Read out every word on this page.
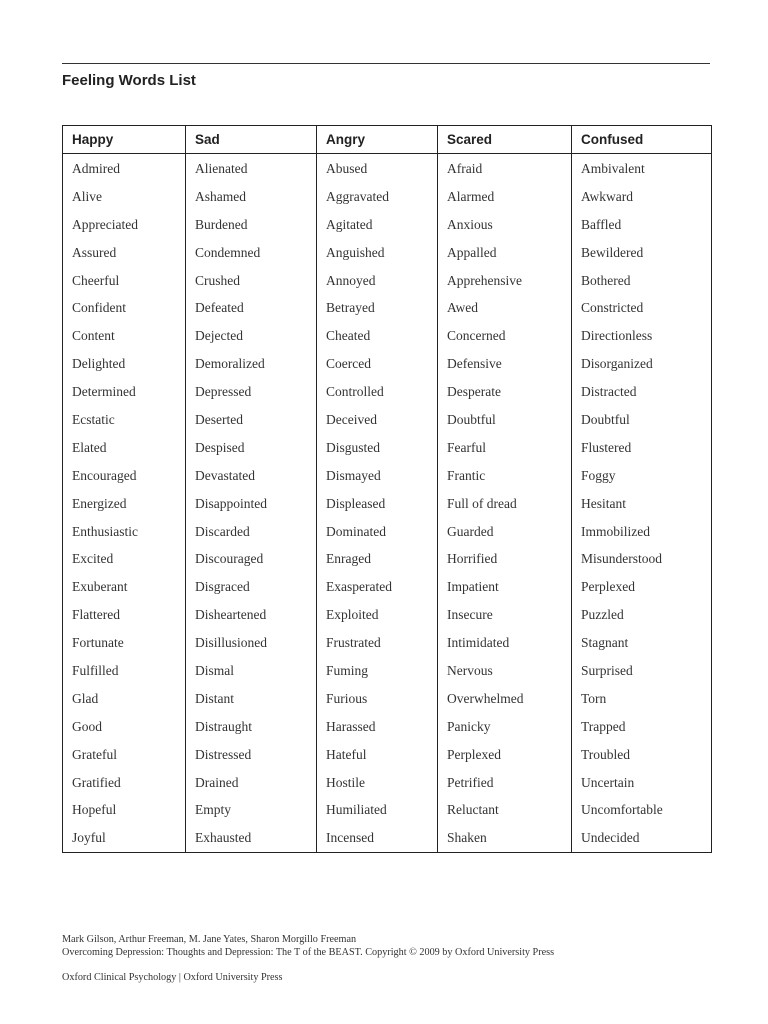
Feeling Words List
Happy	Sad	Angry	Scared	Confused
Admired	Alienated	Abused	Afraid	Ambivalent
Alive	Ashamed	Aggravated	Alarmed	Awkward
Appreciated	Burdened	Agitated	Anxious	Baffled
Assured	Condemned	Anguished	Appalled	Bewildered
Cheerful	Crushed	Annoyed	Apprehensive	Bothered
Confident	Defeated	Betrayed	Awed	Constricted
Content	Dejected	Cheated	Concerned	Directionless
Delighted	Demoralized	Coerced	Defensive	Disorganized
Determined	Depressed	Controlled	Desperate	Distracted
Ecstatic	Deserted	Deceived	Doubtful	Doubtful
Elated	Despised	Disgusted	Fearful	Flustered
Encouraged	Devastated	Dismayed	Frantic	Foggy
Energized	Disappointed	Displeased	Full of dread	Hesitant
Enthusiastic	Discarded	Dominated	Guarded	Immobilized
Excited	Discouraged	Enraged	Horrified	Misunderstood
Exuberant	Disgraced	Exasperated	Impatient	Perplexed
Flattered	Disheartened	Exploited	Insecure	Puzzled
Fortunate	Disillusioned	Frustrated	Intimidated	Stagnant
Fulfilled	Dismal	Fuming	Nervous	Surprised
Glad	Distant	Furious	Overwhelmed	Torn
Good	Distraught	Harassed	Panicky	Trapped
Grateful	Distressed	Hateful	Perplexed	Troubled
Gratified	Drained	Hostile	Petrified	Uncertain
Hopeful	Empty	Humiliated	Reluctant	Uncomfortable
Joyful	Exhausted	Incensed	Shaken	Undecided
Mark Gilson, Arthur Freeman, M. Jane Yates, Sharon Morgillo Freeman
Overcoming Depression: Thoughts and Depression: The T of the BEAST. Copyright © 2009 by Oxford University Press
Oxford Clinical Psychology | Oxford University Press
